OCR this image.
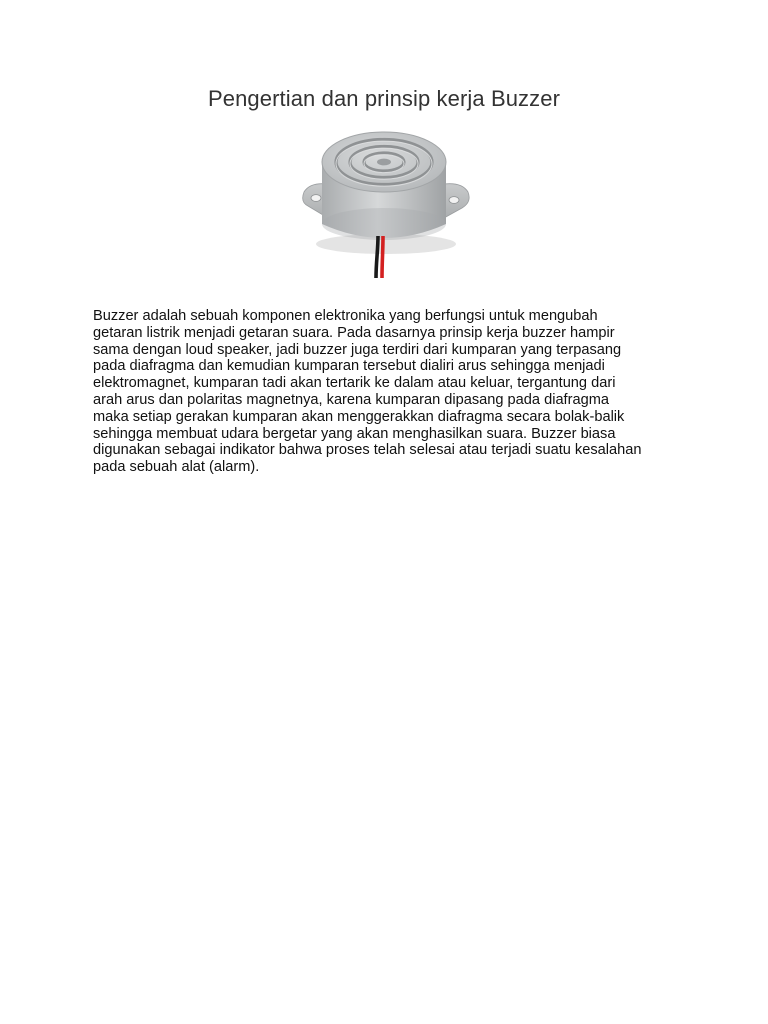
Pengertian dan prinsip kerja Buzzer

Buzzer adalah sebuah komponen elektronika yang berfungsi untuk mengubah
getaran listrik menjadi getaran suara. Pada dasarnya prinsip kerja buzzer hampir
sama dengan loud speaker, jadi buzzer juga terdiri dari kumparan yang terpasang
pada diafragma dan kemudian kumparan tersebut dialiri arus sehingga menjadi
elektromagnet, kumparan tadi akan tertarik ke dalam atau keluar, tergantung dari
arah arus dan polaritas magnetnya, karena kumparan dipasang pada diafragma
maka setiap gerakan kumparan akan menggerakkan diafragma secara bolak-balik
sehingga membuat udara bergetar yang akan menghasilkan suara. Buzzer biasa
digunakan sebagai indikator bahwa proses telah selesai atau terjadi suatu kesalahan
pada sebuah alat (alarm).
